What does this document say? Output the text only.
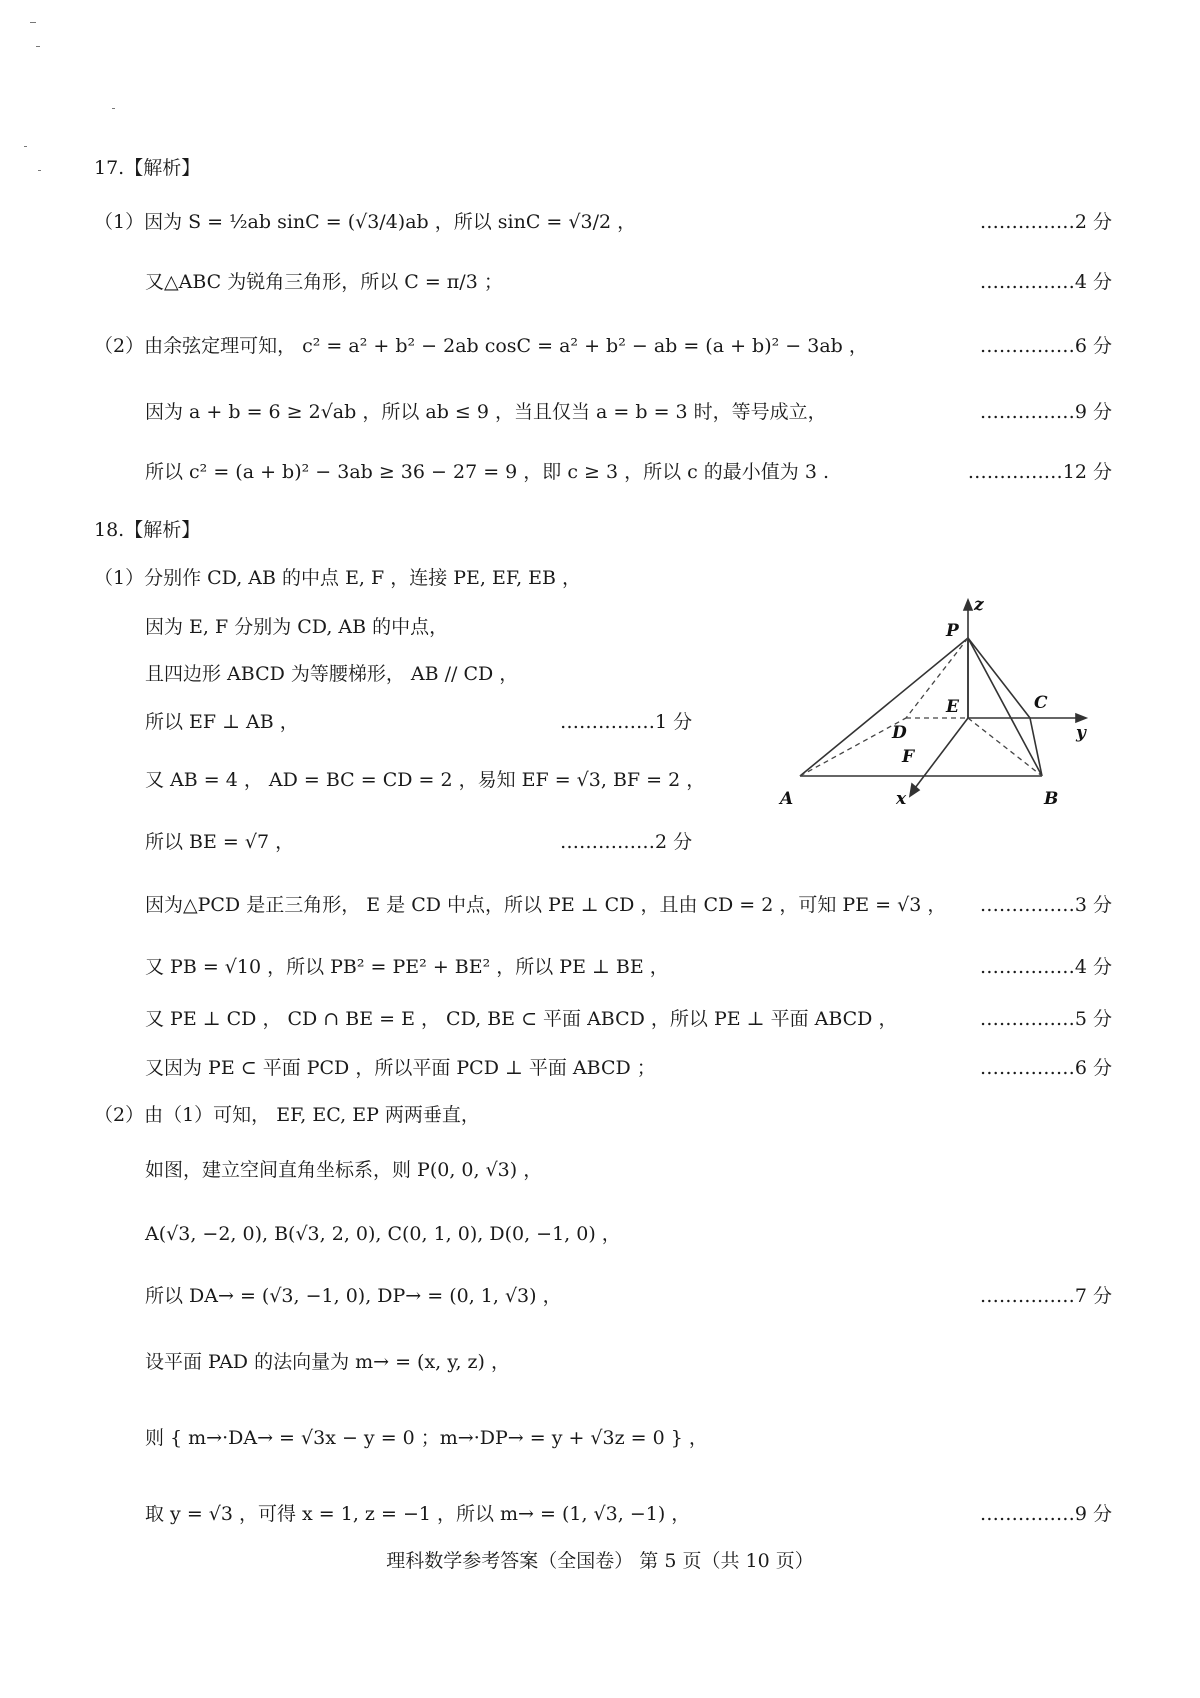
17.【解析】
（1）因为 S = ½ab sinC = (√3/4)ab ，所以 sinC = √3/2 ，	……………2 分
又△ABC 为锐角三角形，所以 C = π/3 ；	……………4 分
（2）由余弦定理可知， c² = a² + b² − 2ab cosC = a² + b² − ab = (a + b)² − 3ab ，	……………6 分
因为 a + b = 6 ≥ 2√ab ，所以 ab ≤ 9 ，当且仅当 a = b = 3 时，等号成立，	……………9 分
所以 c² = (a + b)² − 3ab ≥ 36 − 27 = 9 ，即 c ≥ 3 ，所以 c 的最小值为 3 .	……………12 分
18.【解析】
（1）分别作 CD, AB 的中点 E, F ，连接 PE, EF, EB ，
因为 E, F 分别为 CD, AB 的中点，
且四边形 ABCD 为等腰梯形， AB // CD ，
所以 EF ⊥ AB ，	……………1 分
又 AB = 4 ， AD = BC = CD = 2 ，易知 EF = √3, BF = 2 ，
所以 BE = √7 ，	……………2 分
因为△PCD 是正三角形， E 是 CD 中点，所以 PE ⊥ CD ，且由 CD = 2 ，可知 PE = √3 ， ……………3 分
又 PB = √10 ，所以 PB² = PE² + BE² ，所以 PE ⊥ BE ，	……………4 分
又 PE ⊥ CD ， CD ∩ BE = E ， CD, BE ⊂ 平面 ABCD ，所以 PE ⊥ 平面 ABCD ，	……………5 分
又因为 PE ⊂ 平面 PCD ，所以平面 PCD ⊥ 平面 ABCD ；	……………6 分
（2）由（1）可知， EF, EC, EP 两两垂直，
如图，建立空间直角坐标系，则 P(0, 0, √3) ，
A(√3, −2, 0), B(√3, 2, 0), C(0, 1, 0), D(0, −1, 0) ，
所以 DA→ = (√3, −1, 0), DP→ = (0, 1, √3) ，	……………7 分
设平面 PAD 的法向量为 m→ = (x, y, z) ，
则 { m→·DA→ = √3x − y = 0 ；m→·DP→ = y + √3z = 0 } ，
取 y = √3 ，可得 x = 1, z = −1 ，所以 m→ = (1, √3, −1) ，	……………9 分
z
P
E	C
y
D
F
x
A	B
理科数学参考答案（全国卷） 第 5 页（共 10 页）
